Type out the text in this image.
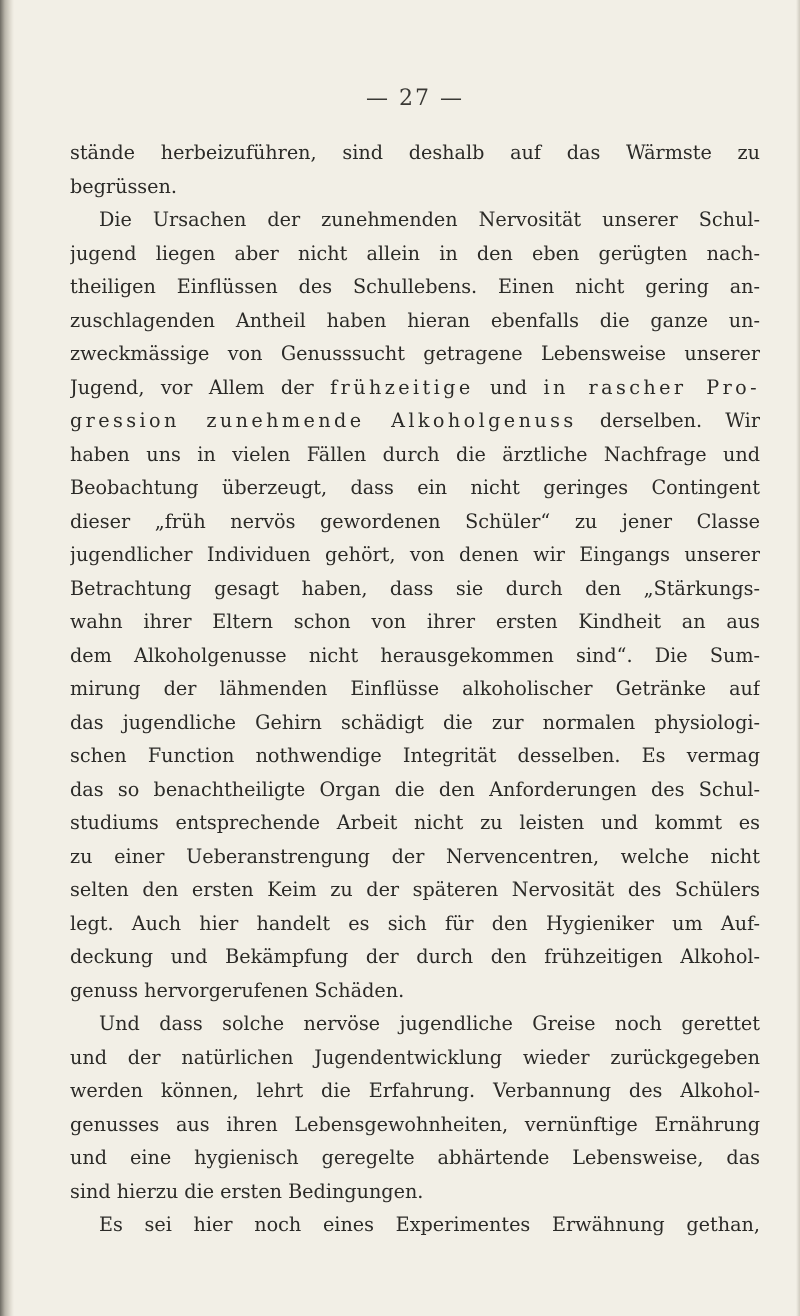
— 27 —
stände herbeizuführen, sind deshalb auf das Wärmste zu
begrüssen.
Die Ursachen der zunehmenden Nervosität unserer Schul-
jugend liegen aber nicht allein in den eben gerügten nach-
theiligen Einflüssen des Schullebens. Einen nicht gering an-
zuschlagenden Antheil haben hieran ebenfalls die ganze un-
zweckmässige von Genusssucht getragene Lebensweise unserer
Jugend, vor Allem der frühzeitige und in rascher Pro-
gression zunehmende Alkoholgenuss derselben. Wir
haben uns in vielen Fällen durch die ärztliche Nachfrage und
Beobachtung überzeugt, dass ein nicht geringes Contingent
dieser „früh nervös gewordenen Schüler“ zu jener Classe
jugendlicher Individuen gehört, von denen wir Eingangs unserer
Betrachtung gesagt haben, dass sie durch den „Stärkungs-
wahn ihrer Eltern schon von ihrer ersten Kindheit an aus
dem Alkoholgenusse nicht herausgekommen sind“. Die Sum-
mirung der lähmenden Einflüsse alkoholischer Getränke auf
das jugendliche Gehirn schädigt die zur normalen physiologi-
schen Function nothwendige Integrität desselben. Es vermag
das so benachtheiligte Organ die den Anforderungen des Schul-
studiums entsprechende Arbeit nicht zu leisten und kommt es
zu einer Ueberanstrengung der Nervencentren, welche nicht
selten den ersten Keim zu der späteren Nervosität des Schülers
legt. Auch hier handelt es sich für den Hygieniker um Auf-
deckung und Bekämpfung der durch den frühzeitigen Alkohol-
genuss hervorgerufenen Schäden.
Und dass solche nervöse jugendliche Greise noch gerettet
und der natürlichen Jugendentwicklung wieder zurückgegeben
werden können, lehrt die Erfahrung. Verbannung des Alkohol-
genusses aus ihren Lebensgewohnheiten, vernünftige Ernährung
und eine hygienisch geregelte abhärtende Lebensweise, das
sind hierzu die ersten Bedingungen.
Es sei hier noch eines Experimentes Erwähnung gethan,
